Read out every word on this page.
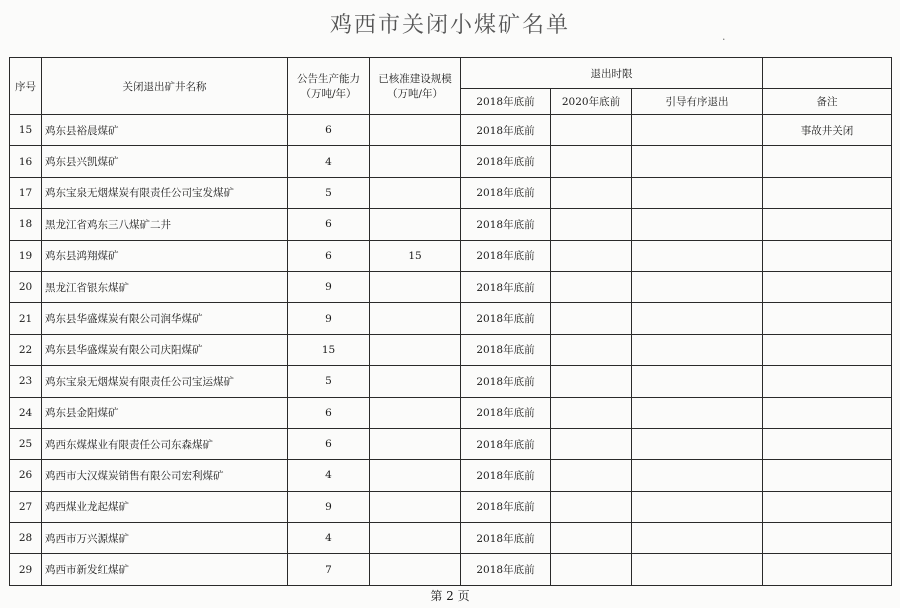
鸡西市关闭小煤矿名单
·
序号	关闭退出矿井名称	公告生产能力（万吨/年）	已核准建设规模（万吨/年）	退出时限			
				2018年底前	2020年底前	引导有序退出	备注
15	鸡东县裕晨煤矿	6		2018年底前			事故井关闭
16	鸡东县兴凯煤矿	4		2018年底前			
17	鸡东宝泉无烟煤炭有限责任公司宝发煤矿	5		2018年底前			
18	黑龙江省鸡东三八煤矿二井	6		2018年底前			
19	鸡东县鸿翔煤矿	6	15	2018年底前			
20	黑龙江省银东煤矿	9		2018年底前			
21	鸡东县华盛煤炭有限公司润华煤矿	9		2018年底前			
22	鸡东县华盛煤炭有限公司庆阳煤矿	15		2018年底前			
23	鸡东宝泉无烟煤炭有限责任公司宝运煤矿	5		2018年底前			
24	鸡东县金阳煤矿	6		2018年底前			
25	鸡西东煤煤业有限责任公司东森煤矿	6		2018年底前			
26	鸡西市大汉煤炭销售有限公司宏利煤矿	4		2018年底前			
27	鸡西煤业龙起煤矿	9		2018年底前			
28	鸡西市万兴源煤矿	4		2018年底前			
29	鸡西市新发红煤矿	7		2018年底前			
第 2 页
